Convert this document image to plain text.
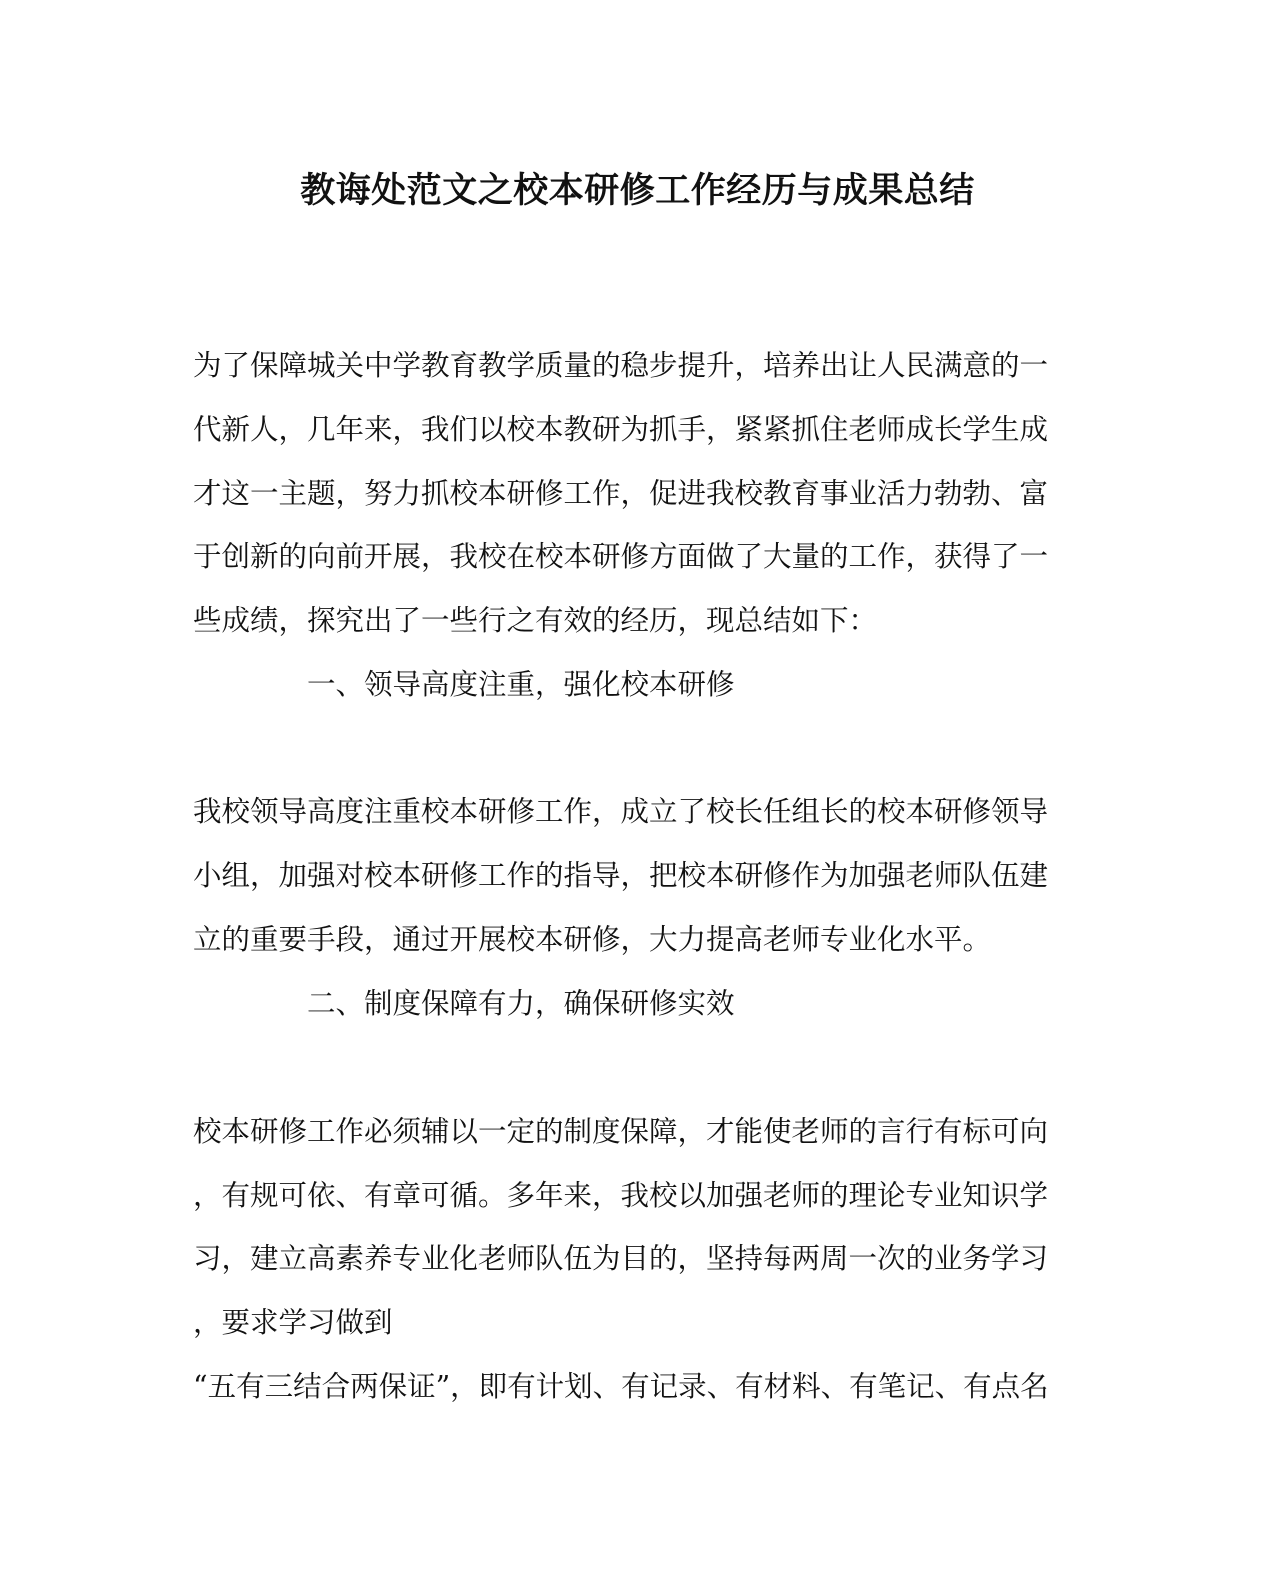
教诲处范文之校本研修工作经历与成果总结
为了保障城关中学教育教学质量的稳步提升，培养出让人民满意的一
代新人，几年来，我们以校本教研为抓手，紧紧抓住老师成长学生成
才这一主题，努力抓校本研修工作，促进我校教育事业活力勃勃、富
于创新的向前开展，我校在校本研修方面做了大量的工作，获得了一
些成绩，探究出了一些行之有效的经历，现总结如下：
一、领导高度注重，强化校本研修
我校领导高度注重校本研修工作，成立了校长任组长的校本研修领导
小组，加强对校本研修工作的指导，把校本研修作为加强老师队伍建
立的重要手段，通过开展校本研修，大力提高老师专业化水平。
二、制度保障有力，确保研修实效
校本研修工作必须辅以一定的制度保障，才能使老师的言行有标可向
，有规可依、有章可循。多年来，我校以加强老师的理论专业知识学
习，建立高素养专业化老师队伍为目的，坚持每两周一次的业务学习
，要求学习做到
“五有三结合两保证”，即有计划、有记录、有材料、有笔记、有点名
